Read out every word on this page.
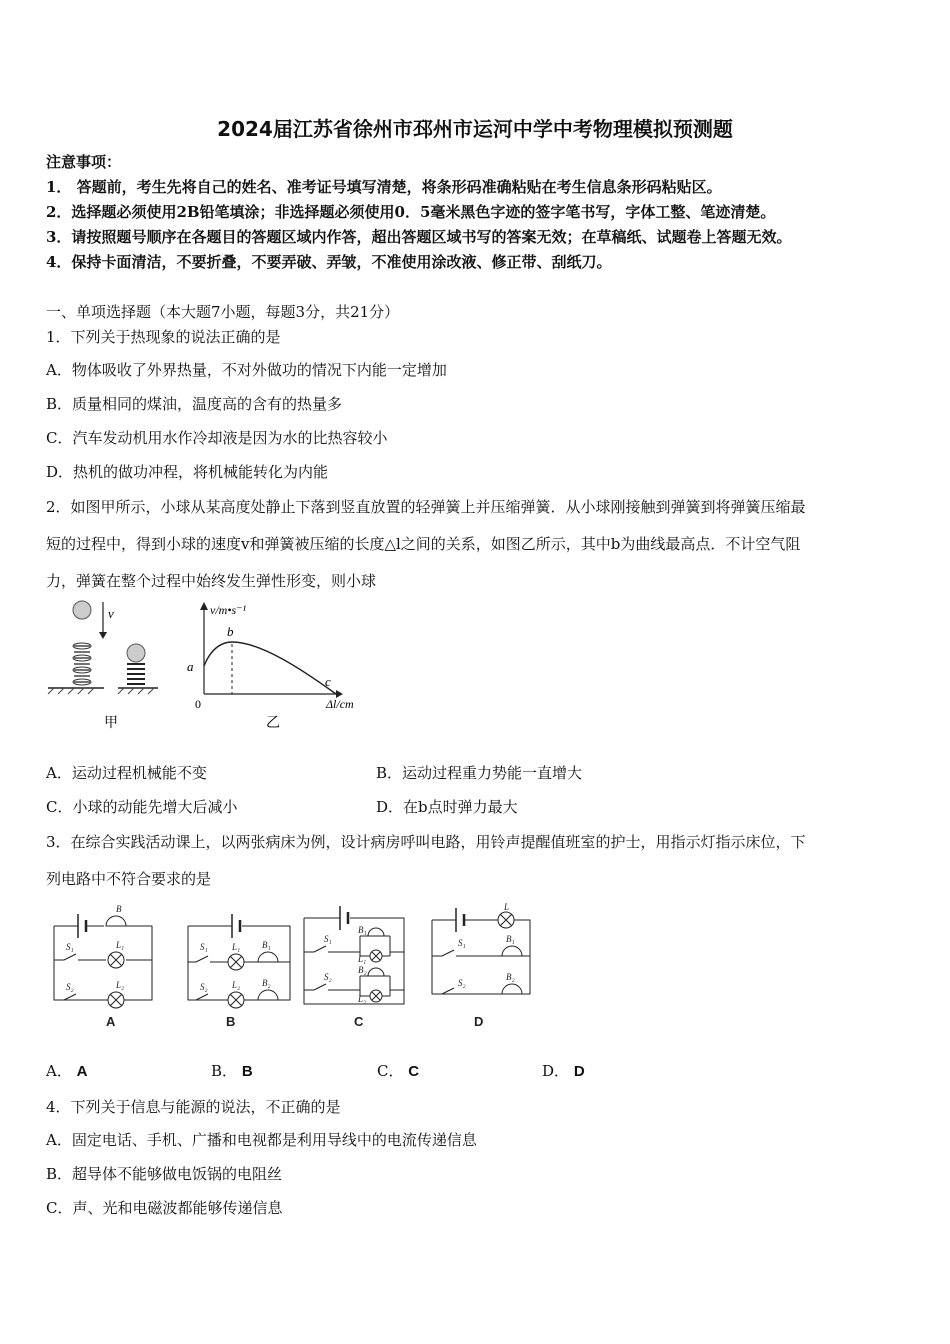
2024届江苏省徐州市邳州市运河中学中考物理模拟预测题
注意事项：
1． 答题前，考生先将自己的姓名、准考证号填写清楚，将条形码准确粘贴在考生信息条形码粘贴区。
2．选择题必须使用2B铅笔填涂；非选择题必须使用0．5毫米黑色字迹的签字笔书写，字体工整、笔迹清楚。
3．请按照题号顺序在各题目的答题区域内作答，超出答题区域书写的答案无效；在草稿纸、试题卷上答题无效。
4．保持卡面清洁，不要折叠，不要弄破、弄皱，不准使用涂改液、修正带、刮纸刀。
一、单项选择题（本大题7小题，每题3分，共21分）
1．下列关于热现象的说法正确的是
A．物体吸收了外界热量，不对外做功的情况下内能一定增加
B．质量相同的煤油，温度高的含有的热量多
C．汽车发动机用水作冷却液是因为水的比热容较小
D．热机的做功冲程，将机械能转化为内能
2．如图甲所示，小球从某高度处静止下落到竖直放置的轻弹簧上并压缩弹簧．从小球刚接触到弹簧到将弹簧压缩最
短的过程中，得到小球的速度v和弹簧被压缩的长度△l之间的关系，如图乙所示，其中b为曲线最高点．不计空气阻
力，弹簧在整个过程中始终发生弹性形变，则小球
v
甲
v/m•s⁻¹
Δl/cm
0
a
b
c
乙
A．运动过程机械能不变	B．运动过程重力势能一直增大
C．小球的动能先增大后减小	D．在b点时弹力最大
3．在综合实践活动课上，以两张病床为例，设计病房呼叫电路，用铃声提醒值班室的护士，用指示灯指示床位，下
列电路中不符合要求的是
B
S₁	L₁
S₂	L₂
A
S₁	L₁ B₁
S₂	L₂ B₂
B
S₁
B₁
L₁
S₂
B₂
L₂
C
L
S₁	B₁
S₂
B₂
D
A． A	B． B	C． C	D． D
4．下列关于信息与能源的说法，不正确的是
A．固定电话、手机、广播和电视都是利用导线中的电流传递信息
B．超导体不能够做电饭锅的电阻丝
C．声、光和电磁波都能够传递信息
